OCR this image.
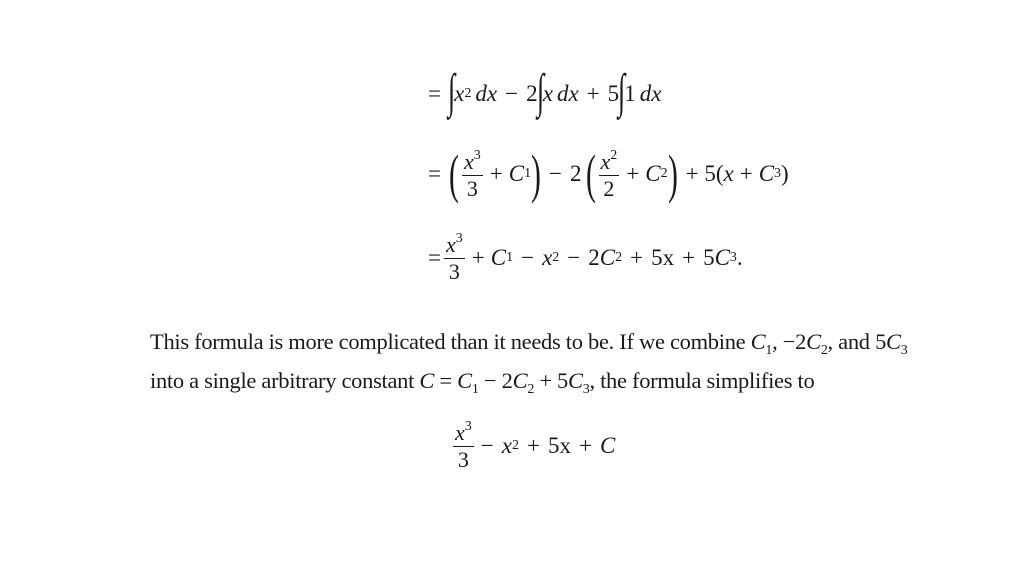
= ∫
x 2 dx − 2
∫
x dx + 5
∫
1 dx
= ( $\frac{x^3}{3} + C$ 1 ) − 2 ( $\frac{x^2}{2} + C$ 2 ) + 5( x + C 3 )
= $\frac{x^3}{3} + C$ 1 − x 2 − 2 C 2 + 5x + 5 C 3 .

This formula is more complicated than it needs to be. If we combine $C_1$, $-2C_2$, and $5C_3$
into a single arbitrary constant $C = C_1 - 2C_2 + 5C_3$, the formula simplifies to

$\frac{x^3}{3} - x$ 2 + 5x + C
